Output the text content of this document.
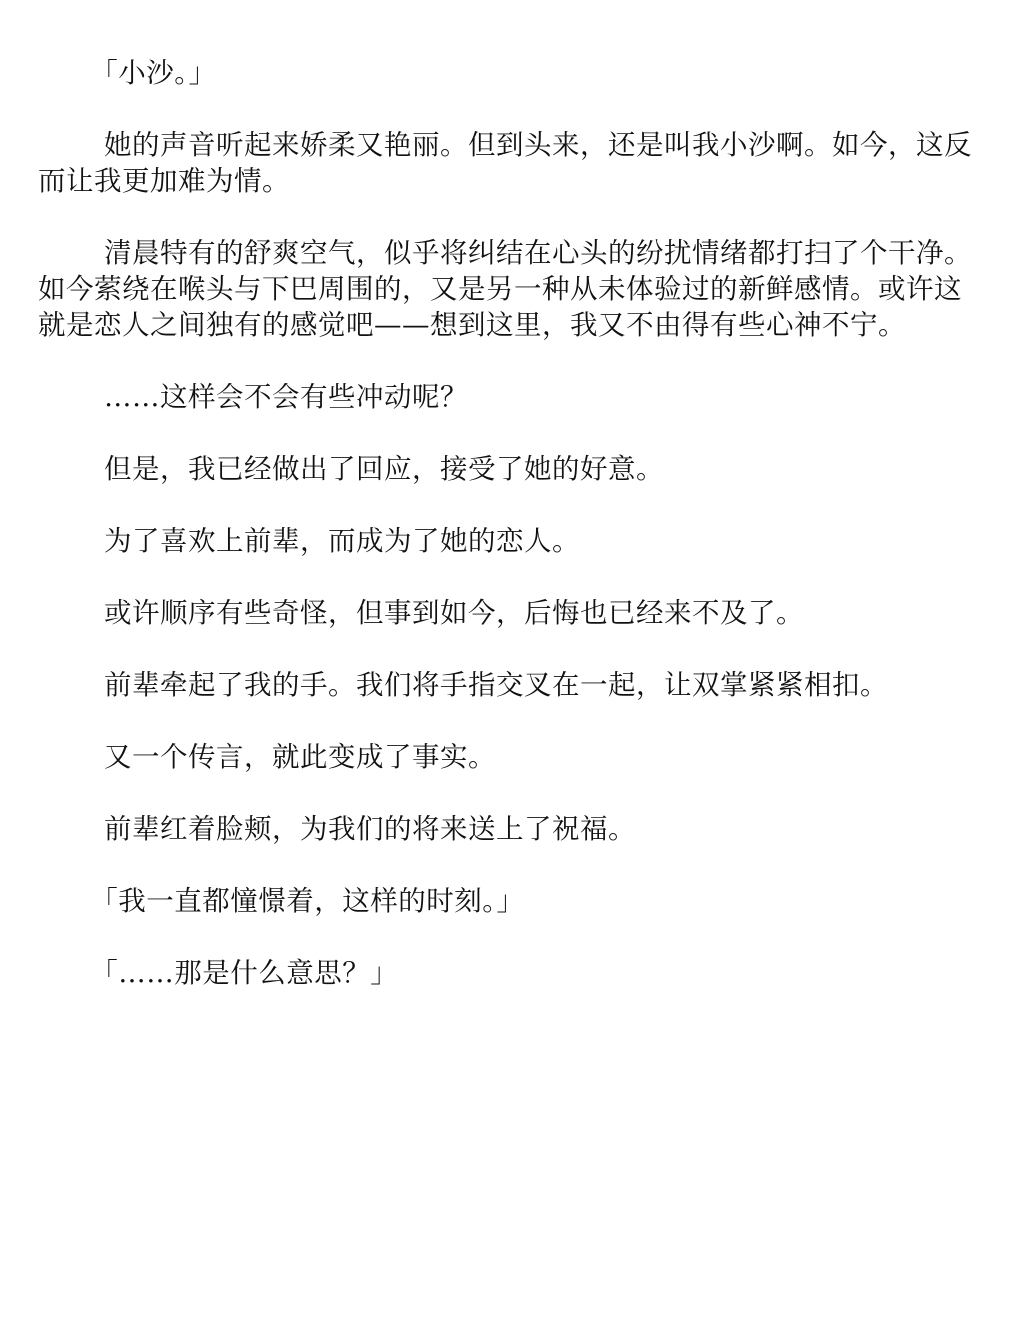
「小沙。」

她的声音听起来娇柔又艳丽。但到头来，还是叫我小沙啊。如今，这反而让我更加难为情。

清晨特有的舒爽空气，似乎将纠结在心头的纷扰情绪都打扫了个干净。如今萦绕在喉头与下巴周围的，又是另一种从未体验过的新鲜感情。或许这就是恋人之间独有的感觉吧——想到这里，我又不由得有些心神不宁。

……这样会不会有些冲动呢？

但是，我已经做出了回应，接受了她的好意。

为了喜欢上前辈，而成为了她的恋人。

或许顺序有些奇怪，但事到如今，后悔也已经来不及了。

前辈牵起了我的手。我们将手指交叉在一起，让双掌紧紧相扣。

又一个传言，就此变成了事实。

前辈红着脸颊，为我们的将来送上了祝福。

「我一直都憧憬着，这样的时刻。」

「……那是什么意思？」
